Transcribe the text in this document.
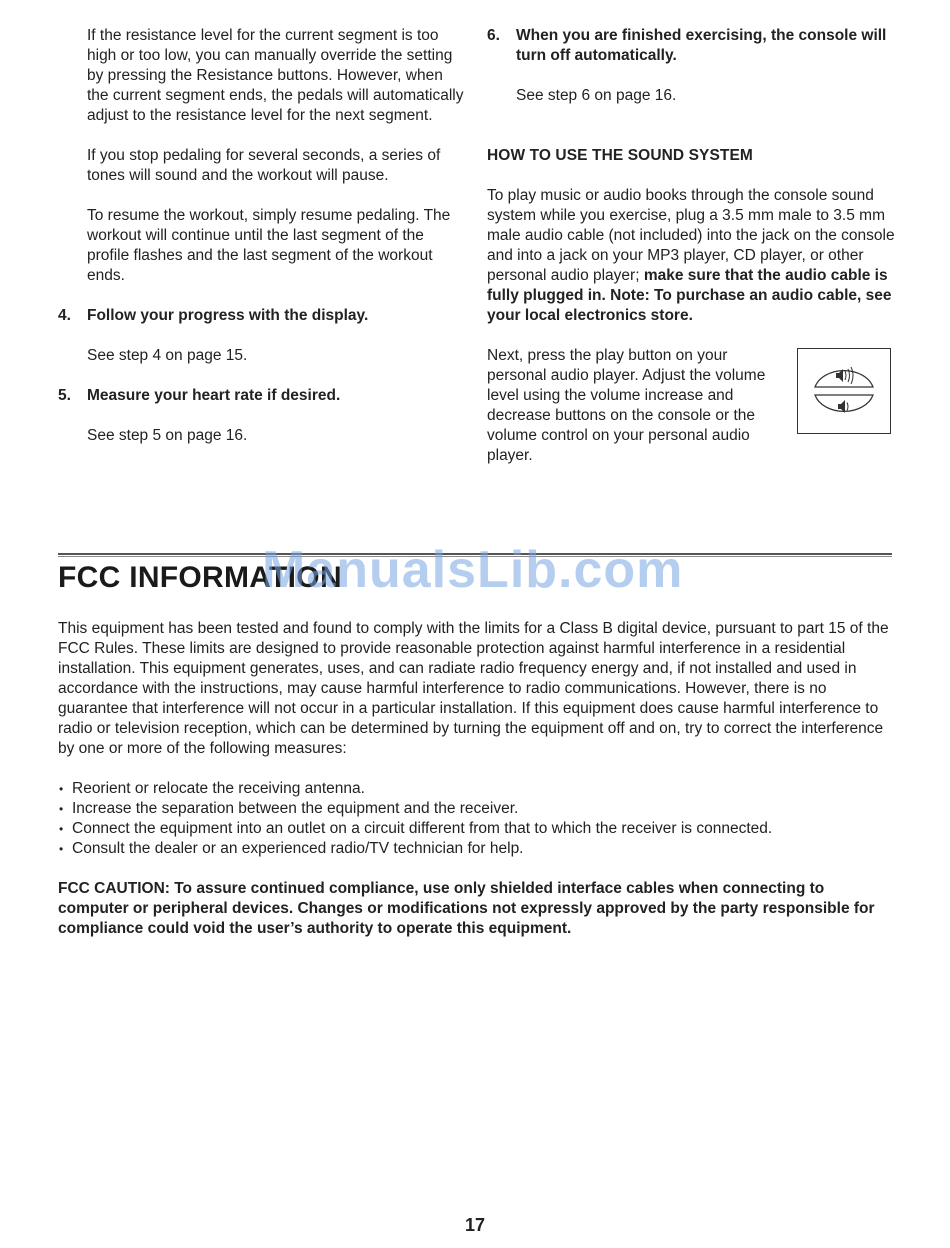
If the resistance level for the current segment is too high or too low, you can manually override the setting by pressing the Resistance buttons. However, when the current segment ends, the pedals will automatically adjust to the resistance level for the next segment.

If you stop pedaling for several seconds, a series of tones will sound and the workout will pause.

To resume the workout, simply resume pedaling. The workout will continue until the last segment of the profile flashes and the last segment of the workout ends.

4.	Follow your progress with the display.

See step 4 on page 15.

5.	Measure your heart rate if desired.

See step 5 on page 16.

6.	When you are finished exercising, the console will turn off automatically.

See step 6 on page 16.

HOW TO USE THE SOUND SYSTEM

To play music or audio books through the console sound system while you exercise, plug a 3.5 mm male to 3.5 mm male audio cable (not included) into the jack on the console and into a jack on your MP3 player, CD player, or other personal audio player; make sure that the audio cable is fully plugged in. Note: To purchase an audio cable, see your local electronics store.

Next, press the play button on your personal audio player. Adjust the volume level using the volume increase and decrease buttons on the console or the volume control on your personal audio player.

FCC INFORMATION
ManualsLib.com

This equipment has been tested and found to comply with the limits for a Class B digital device, pursuant to part 15 of the FCC Rules. These limits are designed to provide reasonable protection against harmful interference in a residential installation. This equipment generates, uses, and can radiate radio frequency energy and, if not installed and used in accordance with the instructions, may cause harmful interference to radio communications. However, there is no guarantee that interference will not occur in a particular installation. If this equipment does cause harmful interference to radio or television reception, which can be determined by turning the equipment off and on, try to correct the interference by one or more of the following measures:

• Reorient or relocate the receiving antenna.
• Increase the separation between the equipment and the receiver.
• Connect the equipment into an outlet on a circuit different from that to which the receiver is connected.
• Consult the dealer or an experienced radio/TV technician for help.

FCC CAUTION: To assure continued compliance, use only shielded interface cables when connecting to computer or peripheral devices. Changes or modifications not expressly approved by the party responsible for compliance could void the user’s authority to operate this equipment.

17
